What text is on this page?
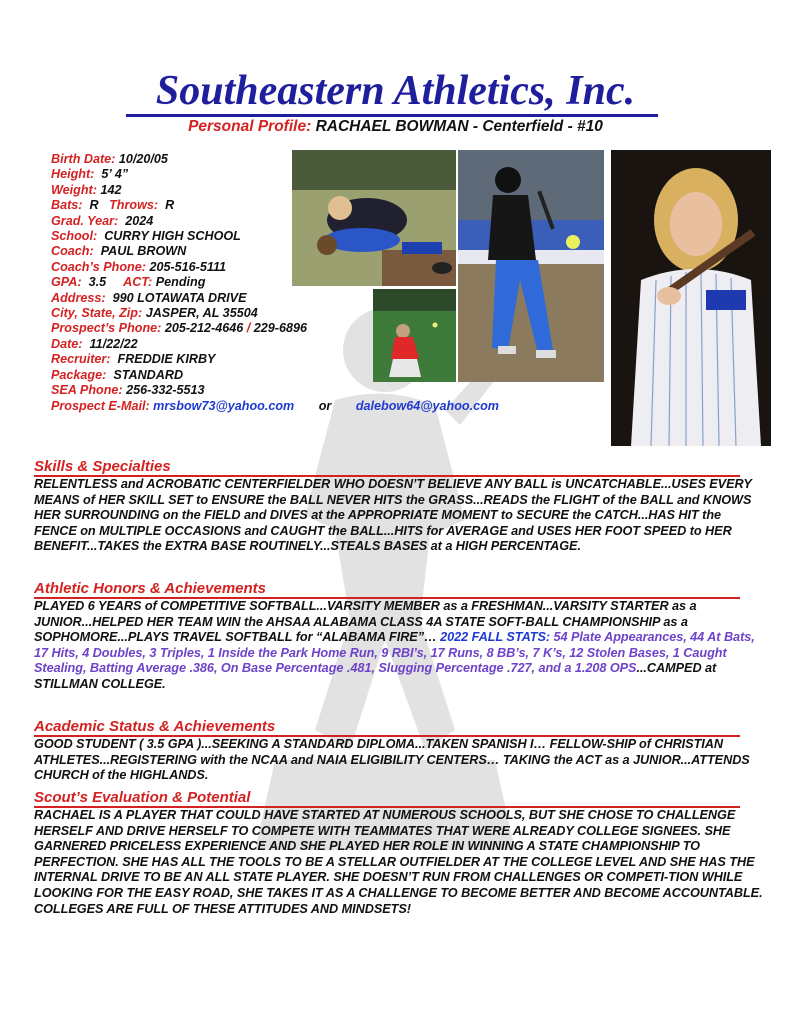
Southeastern Athletics, Inc.
Personal Profile: RACHAEL BOWMAN - Centerfield - #10
Birth Date: 10/20/05
Height: 5’ 4”
Weight: 142
Bats: R Throws: R
Grad. Year: 2024
School: CURRY HIGH SCHOOL
Coach: PAUL BROWN
Coach’s Phone: 205-516-5111
GPA: 3.5 ACT: Pending
Address: 990 LOTAWATA DRIVE
City, State, Zip: JASPER, AL 35504
Prospect’s Phone: 205-212-4646 / 229-6896
Date: 11/22/22
Recruiter: FREDDIE KIRBY
Package: STANDARD
SEA Phone: 256-332-5513
Prospect E-Mail: mrsbow73@yahoo.com or dalebow64@yahoo.com
Skills & Specialties
RELENTLESS and ACROBATIC CENTERFIELDER WHO DOESN’T BELIEVE ANY BALL is UNCATCHABLE...USES EVERY MEANS of HER SKILL SET to ENSURE the BALL NEVER HITS the GRASS...READS the FLIGHT of the BALL and KNOWS HER SURROUNDING on the FIELD and DIVES at the APPROPRIATE MOMENT to SECURE the CATCH...HAS HIT the FENCE on MULTIPLE OCCASIONS and CAUGHT the BALL...HITS for AVERAGE and USES HER FOOT SPEED to HER BENEFIT...TAKES the EXTRA BASE ROUTINELY...STEALS BASES at a HIGH PERCENTAGE.
Athletic Honors & Achievements
PLAYED 6 YEARS of COMPETITIVE SOFTBALL...VARSITY MEMBER as a FRESHMAN...VARSITY STARTER as a JUNIOR...HELPED HER TEAM WIN the AHSAA ALABAMA CLASS 4A STATE SOFT-BALL CHAMPIONSHIP as a SOPHOMORE...PLAYS TRAVEL SOFTBALL for “ALABAMA FIRE”… 2022 FALL STATS: 54 Plate Appearances, 44 At Bats, 17 Hits, 4 Doubles, 3 Triples, 1 Inside the Park Home Run, 9 RBI’s, 17 Runs, 8 BB’s, 7 K’s, 12 Stolen Bases, 1 Caught Stealing, Batting Average .386, On Base Percentage .481, Slugging Percentage .727, and a 1.208 OPS...CAMPED at STILLMAN COLLEGE.
Academic Status & Achievements
GOOD STUDENT ( 3.5 GPA )...SEEKING A STANDARD DIPLOMA...TAKEN SPANISH I… FELLOW-SHIP of CHRISTIAN ATHLETES...REGISTERING with the NCAA and NAIA ELIGIBILITY CENTERS… TAKING the ACT as a JUNIOR...ATTENDS CHURCH of the HIGHLANDS.
Scout’s Evaluation & Potential
RACHAEL IS A PLAYER THAT COULD HAVE STARTED AT NUMEROUS SCHOOLS, BUT SHE CHOSE TO CHALLENGE HERSELF AND DRIVE HERSELF TO COMPETE WITH TEAMMATES THAT WERE ALREADY COLLEGE SIGNEES. SHE GARNERED PRICELESS EXPERIENCE AND SHE PLAYED HER ROLE IN WINNING A STATE CHAMPIONSHIP TO PERFECTION. SHE HAS ALL THE TOOLS TO BE A STELLAR OUTFIELDER AT THE COLLEGE LEVEL AND SHE HAS THE INTERNAL DRIVE TO BE AN ALL STATE PLAYER. SHE DOESN’T RUN FROM CHALLENGES OR COMPETI-TION WHILE LOOKING FOR THE EASY ROAD, SHE TAKES IT AS A CHALLENGE TO BECOME BETTER AND BECOME ACCOUNTABLE. COLLEGES ARE FULL OF THESE ATTITUDES AND MINDSETS!
